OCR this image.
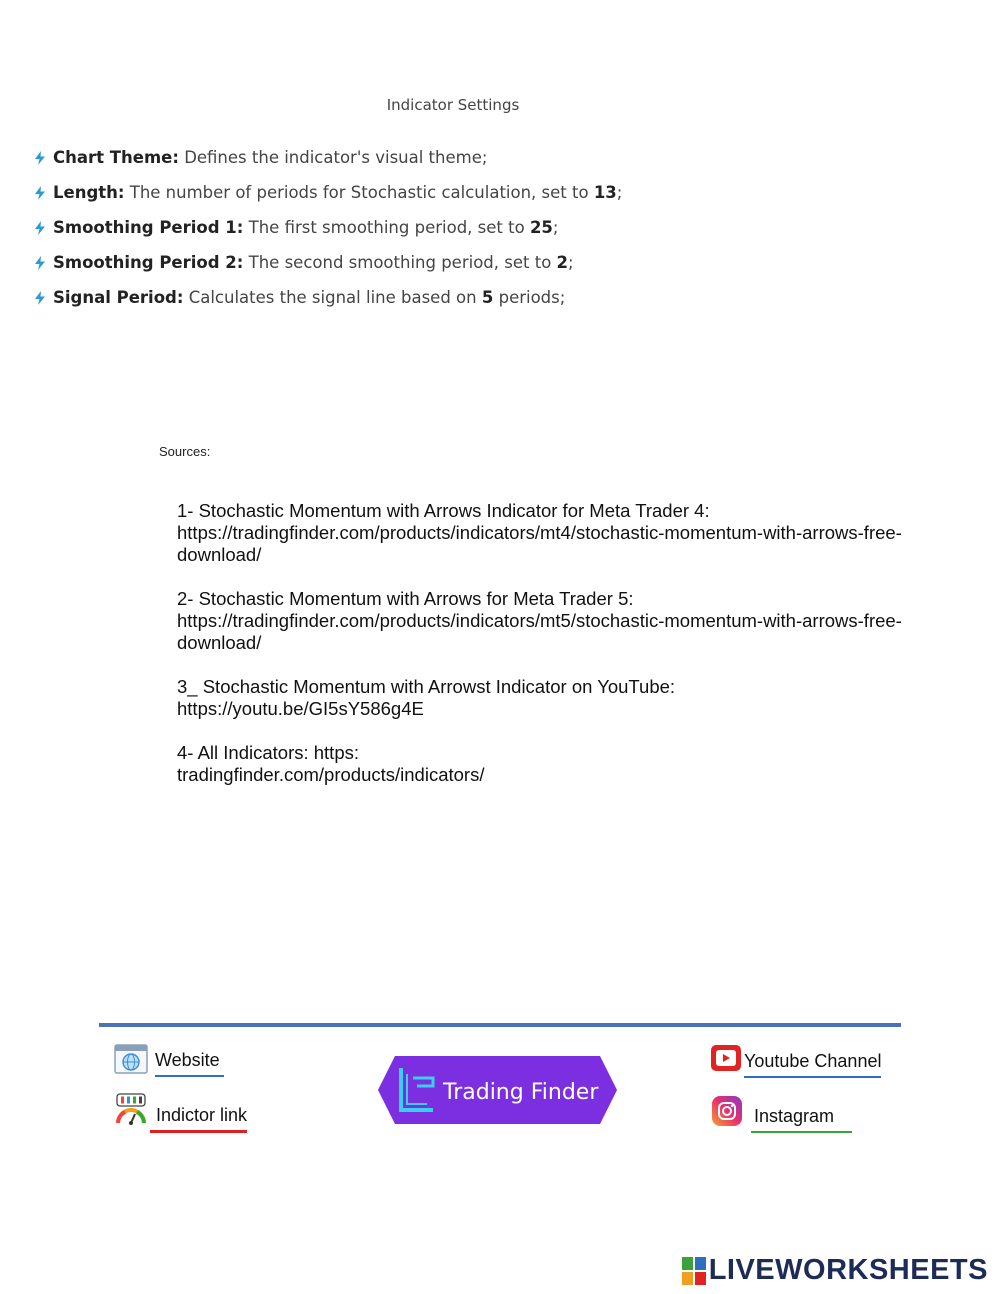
Indicator Settings
Chart Theme: Defines the indicator's visual theme;
Length: The number of periods for Stochastic calculation, set to 13;
Smoothing Period 1: The first smoothing period, set to 25;
Smoothing Period 2: The second smoothing period, set to 2;
Signal Period: Calculates the signal line based on 5 periods;
Sources:
1- Stochastic Momentum with Arrows Indicator for Meta Trader 4:
https://tradingfinder.com/products/indicators/mt4/stochastic-momentum-with-arrows-free-
download/
2- Stochastic Momentum with Arrows for Meta Trader 5:
https://tradingfinder.com/products/indicators/mt5/stochastic-momentum-with-arrows-free-
download/
3_ Stochastic Momentum with Arrowst Indicator on YouTube:
https://youtu.be/GI5sY586g4E
4- All Indicators: https:
tradingfinder.com/products/indicators/
Website
Indictor link
Trading Finder
Youtube Channel
Instagram
LIVEWORKSHEETS
